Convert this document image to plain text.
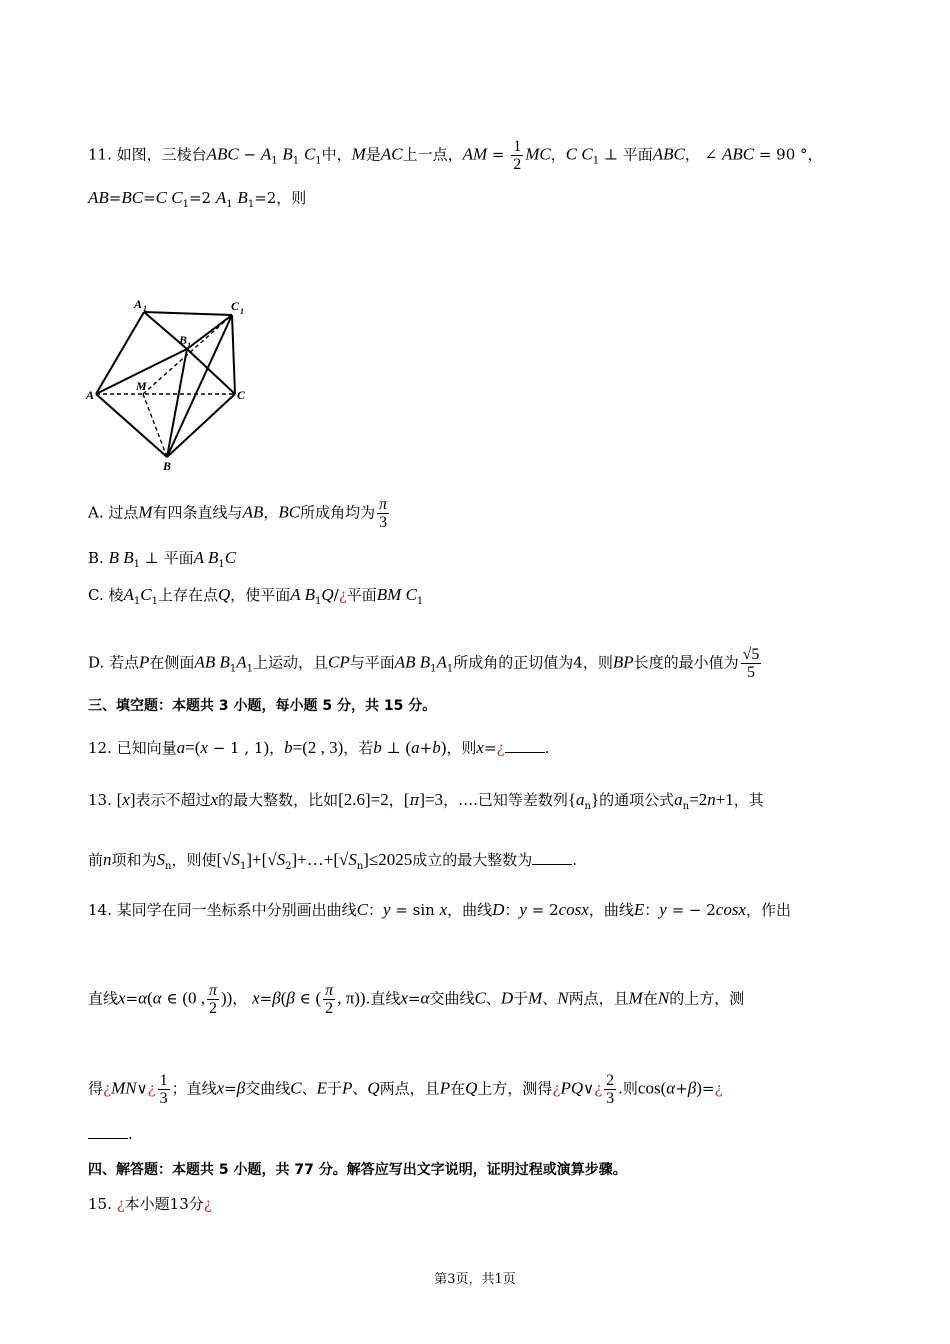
11. 如图，三棱台ABC − $A_1$ $B_1$ $C_1$中，M是AC上一点，AM = $\frac{1}{2}$ MC，C $C_1$ ⊥ 平面ABC， ∠ ABC = 90 °，
AB=BC=C $C_1=2$ $A_1$ $B_1=2$，则
A 1	C 1
B 1
M
A	C
B
A. 过点M有四条直线与AB，BC所成角均为 $\frac{\pi}{3}$
B. B $B_1$ ⊥ 平面A $B_1C$
C. 棱$A_1C_1$上存在点Q，使平面A $B_1Q/¿$平面BM $C_1$
D. 若点P在侧面AB $B_1A_1$上运动，且CP与平面AB $B_1A_1$所成角的正切值为4，则BP长度的最小值为 $\frac{√5}{5}$
三、填空题：本题共 3 小题，每小题 5 分，共 15 分。
12. 已知向量a=(x − 1 , 1)，b=(2 , 3)，若b ⊥ (a+b)，则x=¿	.
13. [x]表示不超过x的最大整数，比如[2.6]=2，[π]=3，….已知等差数列$\{a_n\}$的通项公式$a_n=2n+1$，其
前n项和为$S_n$，则使$[√S_1]+[√S_2]+\dots+[√S_n]\le 2025$成立的最大整数为	.
14. 某同学在同一坐标系中分别画出曲线C：y = sin x，曲线D：y = 2cosx，曲线E：y = − 2cosx，作出
直线x=α(α ∈ (0 , $\frac{\pi}{2}$ ))， x=β(β ∈ ( $\frac{\pi}{2}$ , π)).直线x=α交曲线C、D于M、N两点，且M在N的上方，测
得¿MN∨¿ $\frac{1}{3}$ ；直线x=β交曲线C、E于P、Q两点，且P在Q上方，测得¿PQ∨¿ $\frac{2}{3}$ .则cos(α+β)=¿
.
四、解答题：本题共 5 小题，共 77 分。解答应写出文字说明，证明过程或演算步骤。
15. ¿本小题13分¿
第3页，共1页
